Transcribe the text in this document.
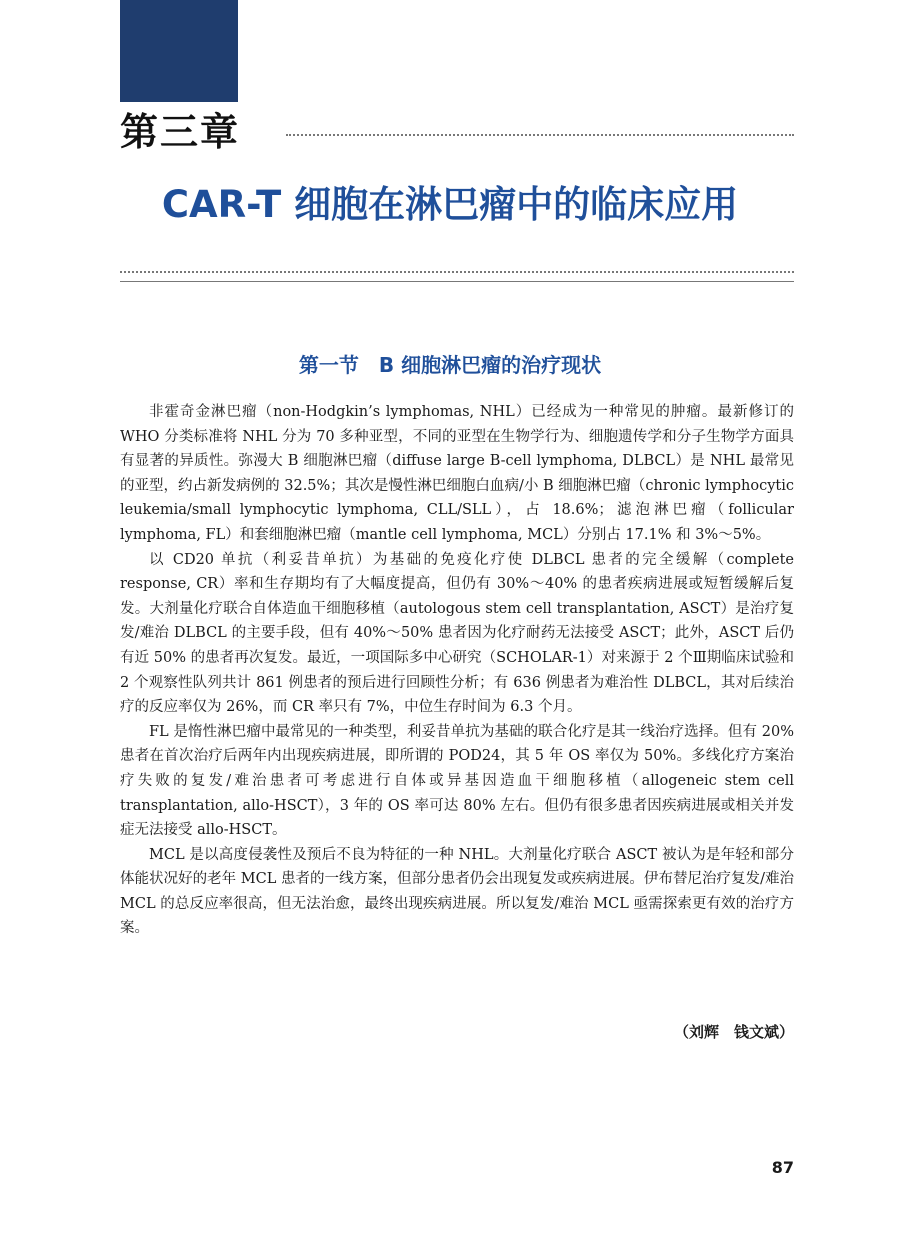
第三章
CAR-T 细胞在淋巴瘤中的临床应用
第一节　B 细胞淋巴瘤的治疗现状

非霍奇金淋巴瘤（non-Hodgkin’s lymphomas, NHL）已经成为一种常见的肿瘤。最新修订的 WHO 分类标准将 NHL 分为 70 多种亚型，不同的亚型在生物学行为、细胞遗传学和分子生物学方面具有显著的异质性。弥漫大 B 细胞淋巴瘤（diffuse large B-cell lymphoma, DLBCL）是 NHL 最常见的亚型，约占新发病例的 32.5%；其次是慢性淋巴细胞白血病/小 B 细胞淋巴瘤（chronic lymphocytic leukemia/small lymphocytic lymphoma, CLL/SLL），占 18.6%；滤泡淋巴瘤（follicular lymphoma, FL）和套细胞淋巴瘤（mantle cell lymphoma, MCL）分别占 17.1% 和 3%～5%。

以 CD20 单抗（利妥昔单抗）为基础的免疫化疗使 DLBCL 患者的完全缓解（complete response, CR）率和生存期均有了大幅度提高，但仍有 30%～40% 的患者疾病进展或短暂缓解后复发。大剂量化疗联合自体造血干细胞移植（autologous stem cell transplantation, ASCT）是治疗复发/难治 DLBCL 的主要手段，但有 40%～50% 患者因为化疗耐药无法接受 ASCT；此外，ASCT 后仍有近 50% 的患者再次复发。最近，一项国际多中心研究（SCHOLAR-1）对来源于 2 个Ⅲ期临床试验和 2 个观察性队列共计 861 例患者的预后进行回顾性分析；有 636 例患者为难治性 DLBCL，其对后续治疗的反应率仅为 26%，而 CR 率只有 7%，中位生存时间为 6.3 个月。

FL 是惰性淋巴瘤中最常见的一种类型，利妥昔单抗为基础的联合化疗是其一线治疗选择。但有 20% 患者在首次治疗后两年内出现疾病进展，即所谓的 POD24，其 5 年 OS 率仅为 50%。多线化疗方案治疗失败的复发/难治患者可考虑进行自体或异基因造血干细胞移植（allogeneic stem cell transplantation, allo-HSCT），3 年的 OS 率可达 80% 左右。但仍有很多患者因疾病进展或相关并发症无法接受 allo-HSCT。

MCL 是以高度侵袭性及预后不良为特征的一种 NHL。大剂量化疗联合 ASCT 被认为是年轻和部分体能状况好的老年 MCL 患者的一线方案，但部分患者仍会出现复发或疾病进展。伊布替尼治疗复发/难治 MCL 的总反应率很高，但无法治愈，最终出现疾病进展。所以复发/难治 MCL 亟需探索更有效的治疗方案。

（刘辉　钱文斌）
87
